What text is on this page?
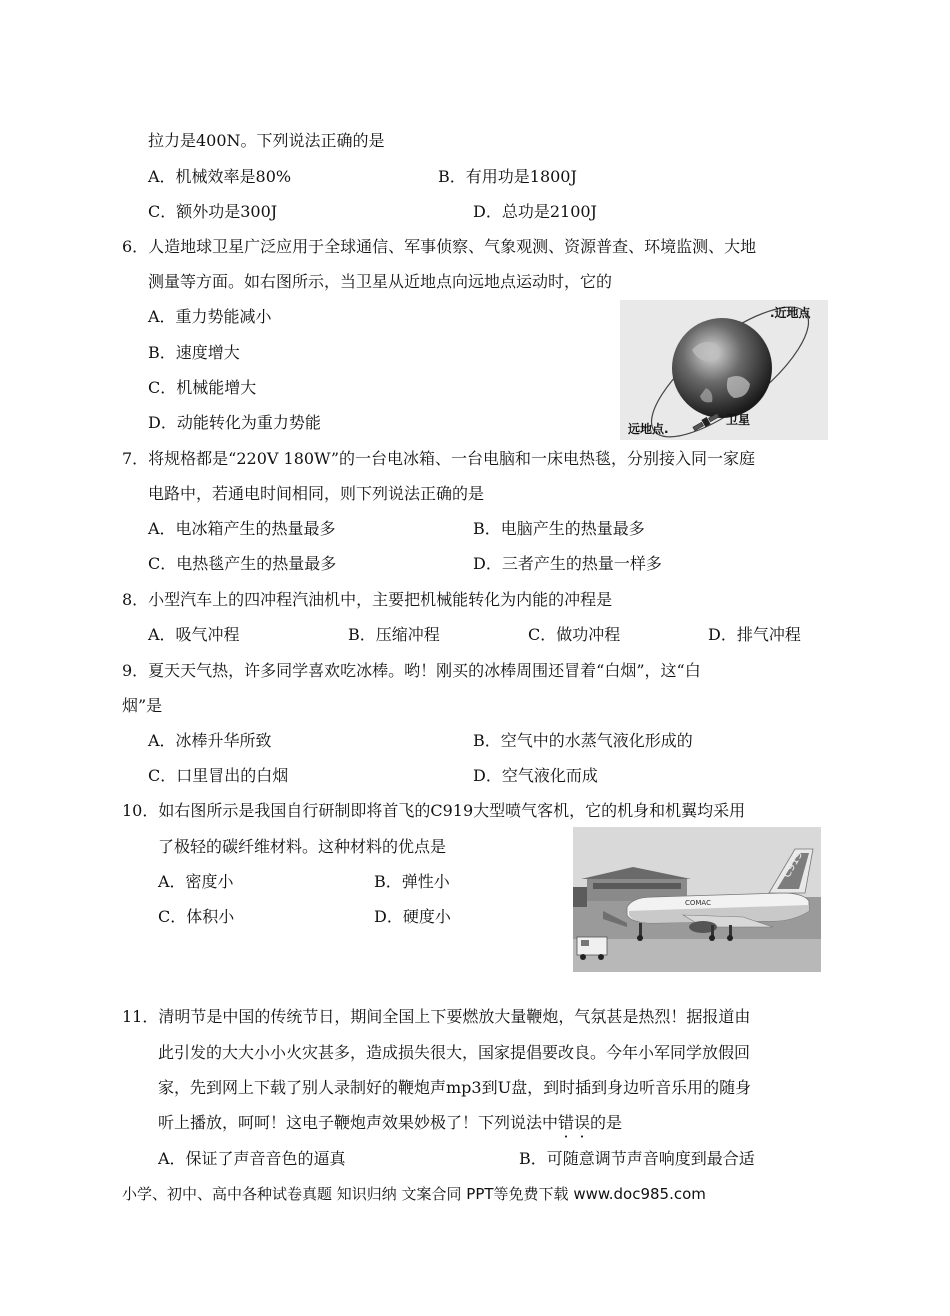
拉力是400N。下列说法正确的是
A．机械效率是80%	B．有用功是1800J
C．额外功是300J	D．总功是2100J
6．人造地球卫星广泛应用于全球通信、军事侦察、气象观测、资源普查、环境监测、大地
测量等方面。如右图所示，当卫星从近地点向远地点运动时，它的
A．重力势能减小
B．速度增大
C．机械能增大
D．动能转化为重力势能
.近地点
远地点.
卫星
7．将规格都是“220V 180W”的一台电冰箱、一台电脑和一床电热毯，分别接入同一家庭
电路中，若通电时间相同，则下列说法正确的是
A．电冰箱产生的热量最多	B．电脑产生的热量最多
C．电热毯产生的热量最多	D．三者产生的热量一样多
8．小型汽车上的四冲程汽油机中，主要把机械能转化为内能的冲程是
A．吸气冲程	B．压缩冲程	C．做功冲程	D．排气冲程
9．夏天天气热，许多同学喜欢吃冰棒。哟！刚买的冰棒周围还冒着“白烟”，这“白
烟”是
A．冰棒升华所致	B．空气中的水蒸气液化形成的
C．口里冒出的白烟	D．空气液化而成
10．如右图所示是我国自行研制即将首飞的C919大型喷气客机，它的机身和机翼均采用
了极轻的碳纤维材料。这种材料的优点是
A．密度小	B．弹性小
C．体积小	D．硬度小
C919
COMAC
11．清明节是中国的传统节日，期间全国上下要燃放大量鞭炮，气氛甚是热烈！据报道由
此引发的大大小小火灾甚多，造成损失很大，国家提倡要改良。今年小军同学放假回
家，先到网上下载了别人录制好的鞭炮声mp3到U盘，到时插到身边听音乐用的随身
听上播放，呵呵！这电子鞭炮声效果妙极了！下列说法中错误的是
A．保证了声音音色的逼真	B．可随意调节声音响度到最合适
小学、初中、高中各种试卷真题 知识归纳 文案合同 PPT等免费下载 www.doc985.com
